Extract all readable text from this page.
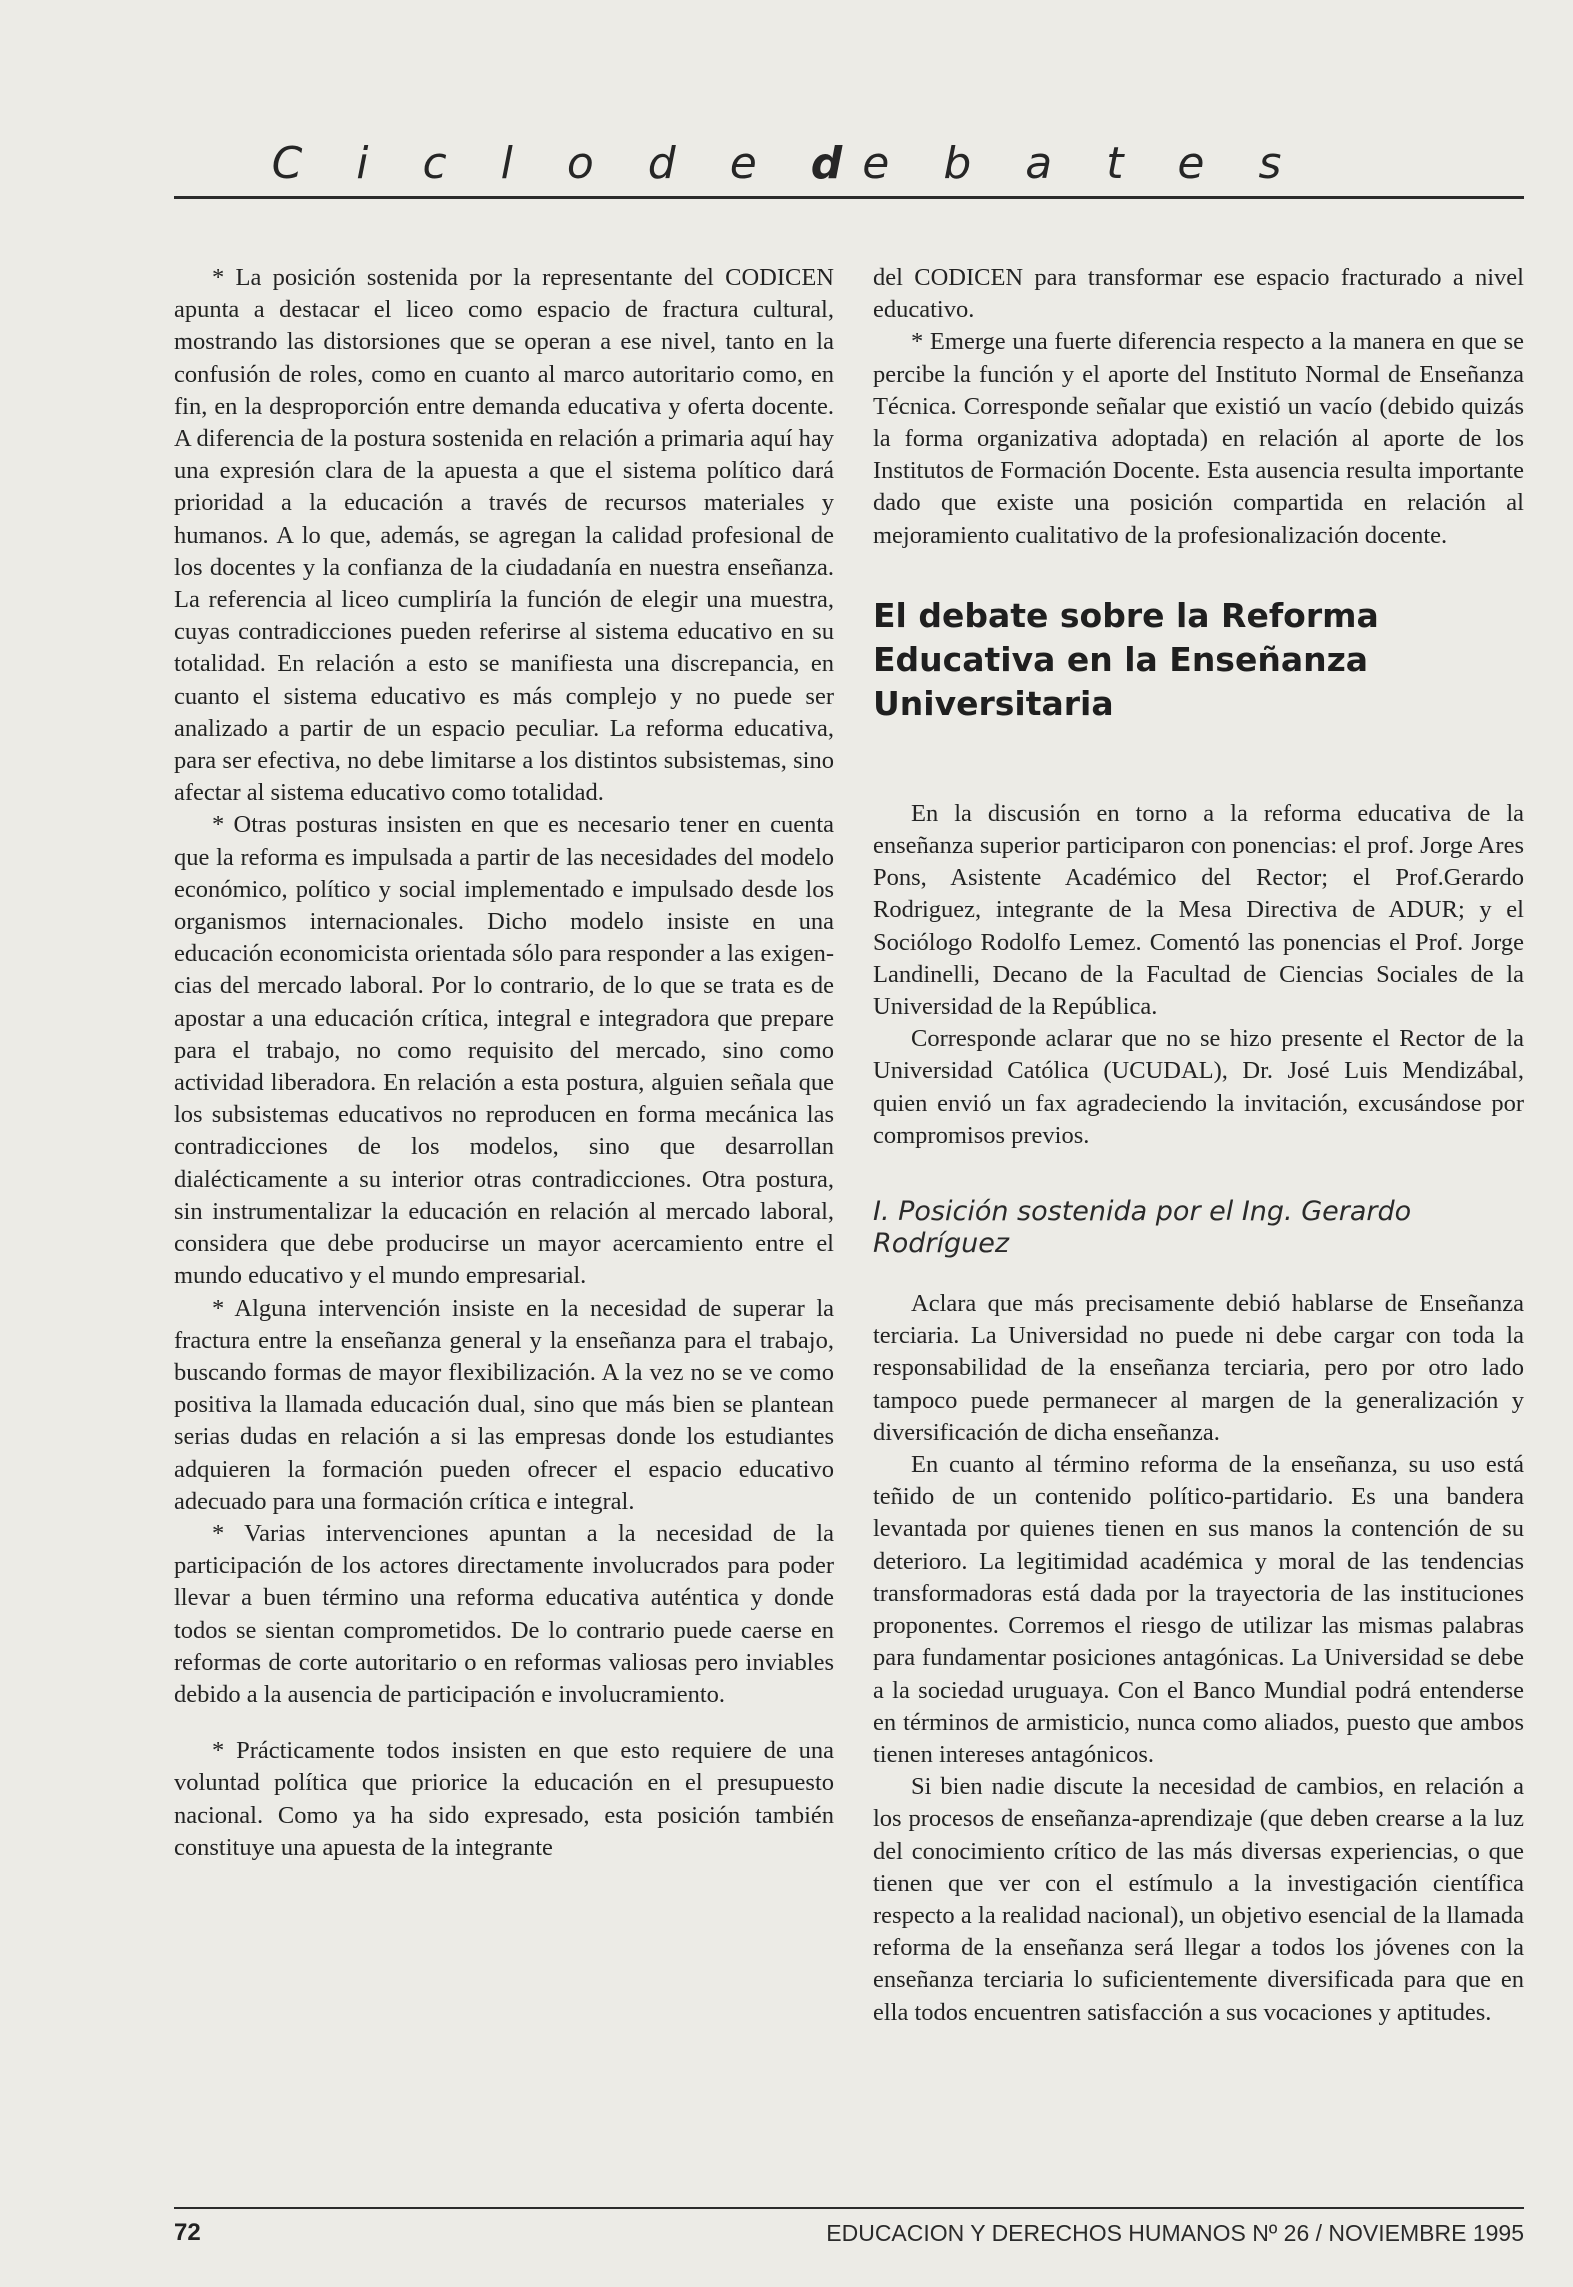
C i c l o d e de b a t e s

* La posición sostenida por la representante del CODICEN apunta a destacar el liceo como espacio de fractura cultural, mostrando las distorsiones que se operan a ese nivel, tanto en la confusión de roles, como en cuanto al marco autoritario como, en fin, en la desproporción entre demanda educativa y oferta docente. A diferencia de la postura sostenida en relación a primaria aquí hay una expresión clara de la apuesta a que el sistema político dará prioridad a la educación a través de recursos materiales y humanos. A lo que, además, se agregan la calidad profesional de los docentes y la confianza de la ciudadanía en nuestra enseñanza. La referencia al liceo cumpliría la función de elegir una muestra, cuyas contradicciones pueden referirse al sistema educativo en su totalidad. En relación a esto se manifiesta una discrepancia, en cuanto el sistema educativo es más complejo y no puede ser analizado a partir de un espacio peculiar. La reforma educativa, para ser efectiva, no debe limitarse a los distintos subsistemas, sino afectar al sistema educativo como totalidad.

* Otras posturas insisten en que es necesario tener en cuenta que la reforma es impulsada a partir de las necesidades del modelo económico, político y social implementado e impulsado desde los organismos internacionales. Dicho modelo insiste en una educación economicista orientada sólo para responder a las exigencias del mercado laboral. Por lo contrario, de lo que se trata es de apostar a una educación crítica, integral e integradora que prepare para el trabajo, no como requisito del mercado, sino como actividad liberadora. En relación a esta postura, alguien señala que los subsistemas educativos no reproducen en forma mecánica las contradicciones de los modelos, sino que desarrollan dialécticamente a su interior otras contradicciones. Otra postura, sin instrumentalizar la educación en relación al mercado laboral, considera que debe producirse un mayor acercamiento entre el mundo educativo y el mundo empresarial.

* Alguna intervención insiste en la necesidad de superar la fractura entre la enseñanza general y la enseñanza para el trabajo, buscando formas de mayor flexibilización. A la vez no se ve como positiva la llamada educación dual, sino que más bien se plantean serias dudas en relación a si las empresas donde los estudiantes adquieren la formación pueden ofrecer el espacio educativo adecuado para una formación crítica e integral.

* Varias intervenciones apuntan a la necesidad de la participación de los actores directamente involucrados para poder llevar a buen término una reforma educativa auténtica y donde todos se sientan comprometidos. De lo contrario puede caerse en reformas de corte autoritario o en reformas valiosas pero inviables debido a la ausencia de participación e involucramiento.

* Prácticamente todos insisten en que esto requiere de una voluntad política que priorice la educación en el presupuesto nacional. Como ya ha sido expresado, esta posición también constituye una apuesta de la integrante

del CODICEN para transformar ese espacio fracturado a nivel educativo.

* Emerge una fuerte diferencia respecto a la manera en que se percibe la función y el aporte del Instituto Normal de Enseñanza Técnica. Corresponde señalar que existió un vacío (debido quizás la forma organizativa adoptada) en relación al aporte de los Institutos de Formación Docente. Esta ausencia resulta importante dado que existe una posición compartida en relación al mejoramiento cualitativo de la profesionalización docente.

El debate sobre la Reforma Educativa en la Enseñanza Universitaria

En la discusión en torno a la reforma educativa de la enseñanza superior participaron con ponencias: el prof. Jorge Ares Pons, Asistente Académico del Rector; el Prof.Gerardo Rodriguez, integrante de la Mesa Directiva de ADUR; y el Sociólogo Rodolfo Lemez. Comentó las ponencias el Prof. Jorge Landinelli, Decano de la Facultad de Ciencias Sociales de la Universidad de la República.

Corresponde aclarar que no se hizo presente el Rector de la Universidad Católica (UCUDAL), Dr. José Luis Mendizábal, quien envió un fax agradeciendo la invitación, excusándose por compromisos previos.

I. Posición sostenida por el Ing. Gerardo Rodríguez

Aclara que más precisamente debió hablarse de Enseñanza terciaria. La Universidad no puede ni debe cargar con toda la responsabilidad de la enseñanza terciaria, pero por otro lado tampoco puede permanecer al margen de la generalización y diversificación de dicha enseñanza.

En cuanto al término reforma de la enseñanza, su uso está teñido de un contenido político-partidario. Es una bandera levantada por quienes tienen en sus manos la contención de su deterioro. La legitimidad académica y moral de las tendencias transformadoras está dada por la trayectoria de las instituciones proponentes. Corremos el riesgo de utilizar las mismas palabras para fundamentar posiciones antagónicas. La Universidad se debe a la sociedad uruguaya. Con el Banco Mundial podrá entenderse en términos de armisticio, nunca como aliados, puesto que ambos tienen intereses antagónicos.

Si bien nadie discute la necesidad de cambios, en relación a los procesos de enseñanza-aprendizaje (que deben crearse a la luz del conocimiento crítico de las más diversas experiencias, o que tienen que ver con el estímulo a la investigación científica respecto a la realidad nacional), un objetivo esencial de la llamada reforma de la enseñanza será llegar a todos los jóvenes con la enseñanza terciaria lo suficientemente diversificada para que en ella todos encuentren satisfacción a sus vocaciones y aptitudes.

72	EDUCACION Y DERECHOS HUMANOS Nº 26 / NOVIEMBRE 1995
